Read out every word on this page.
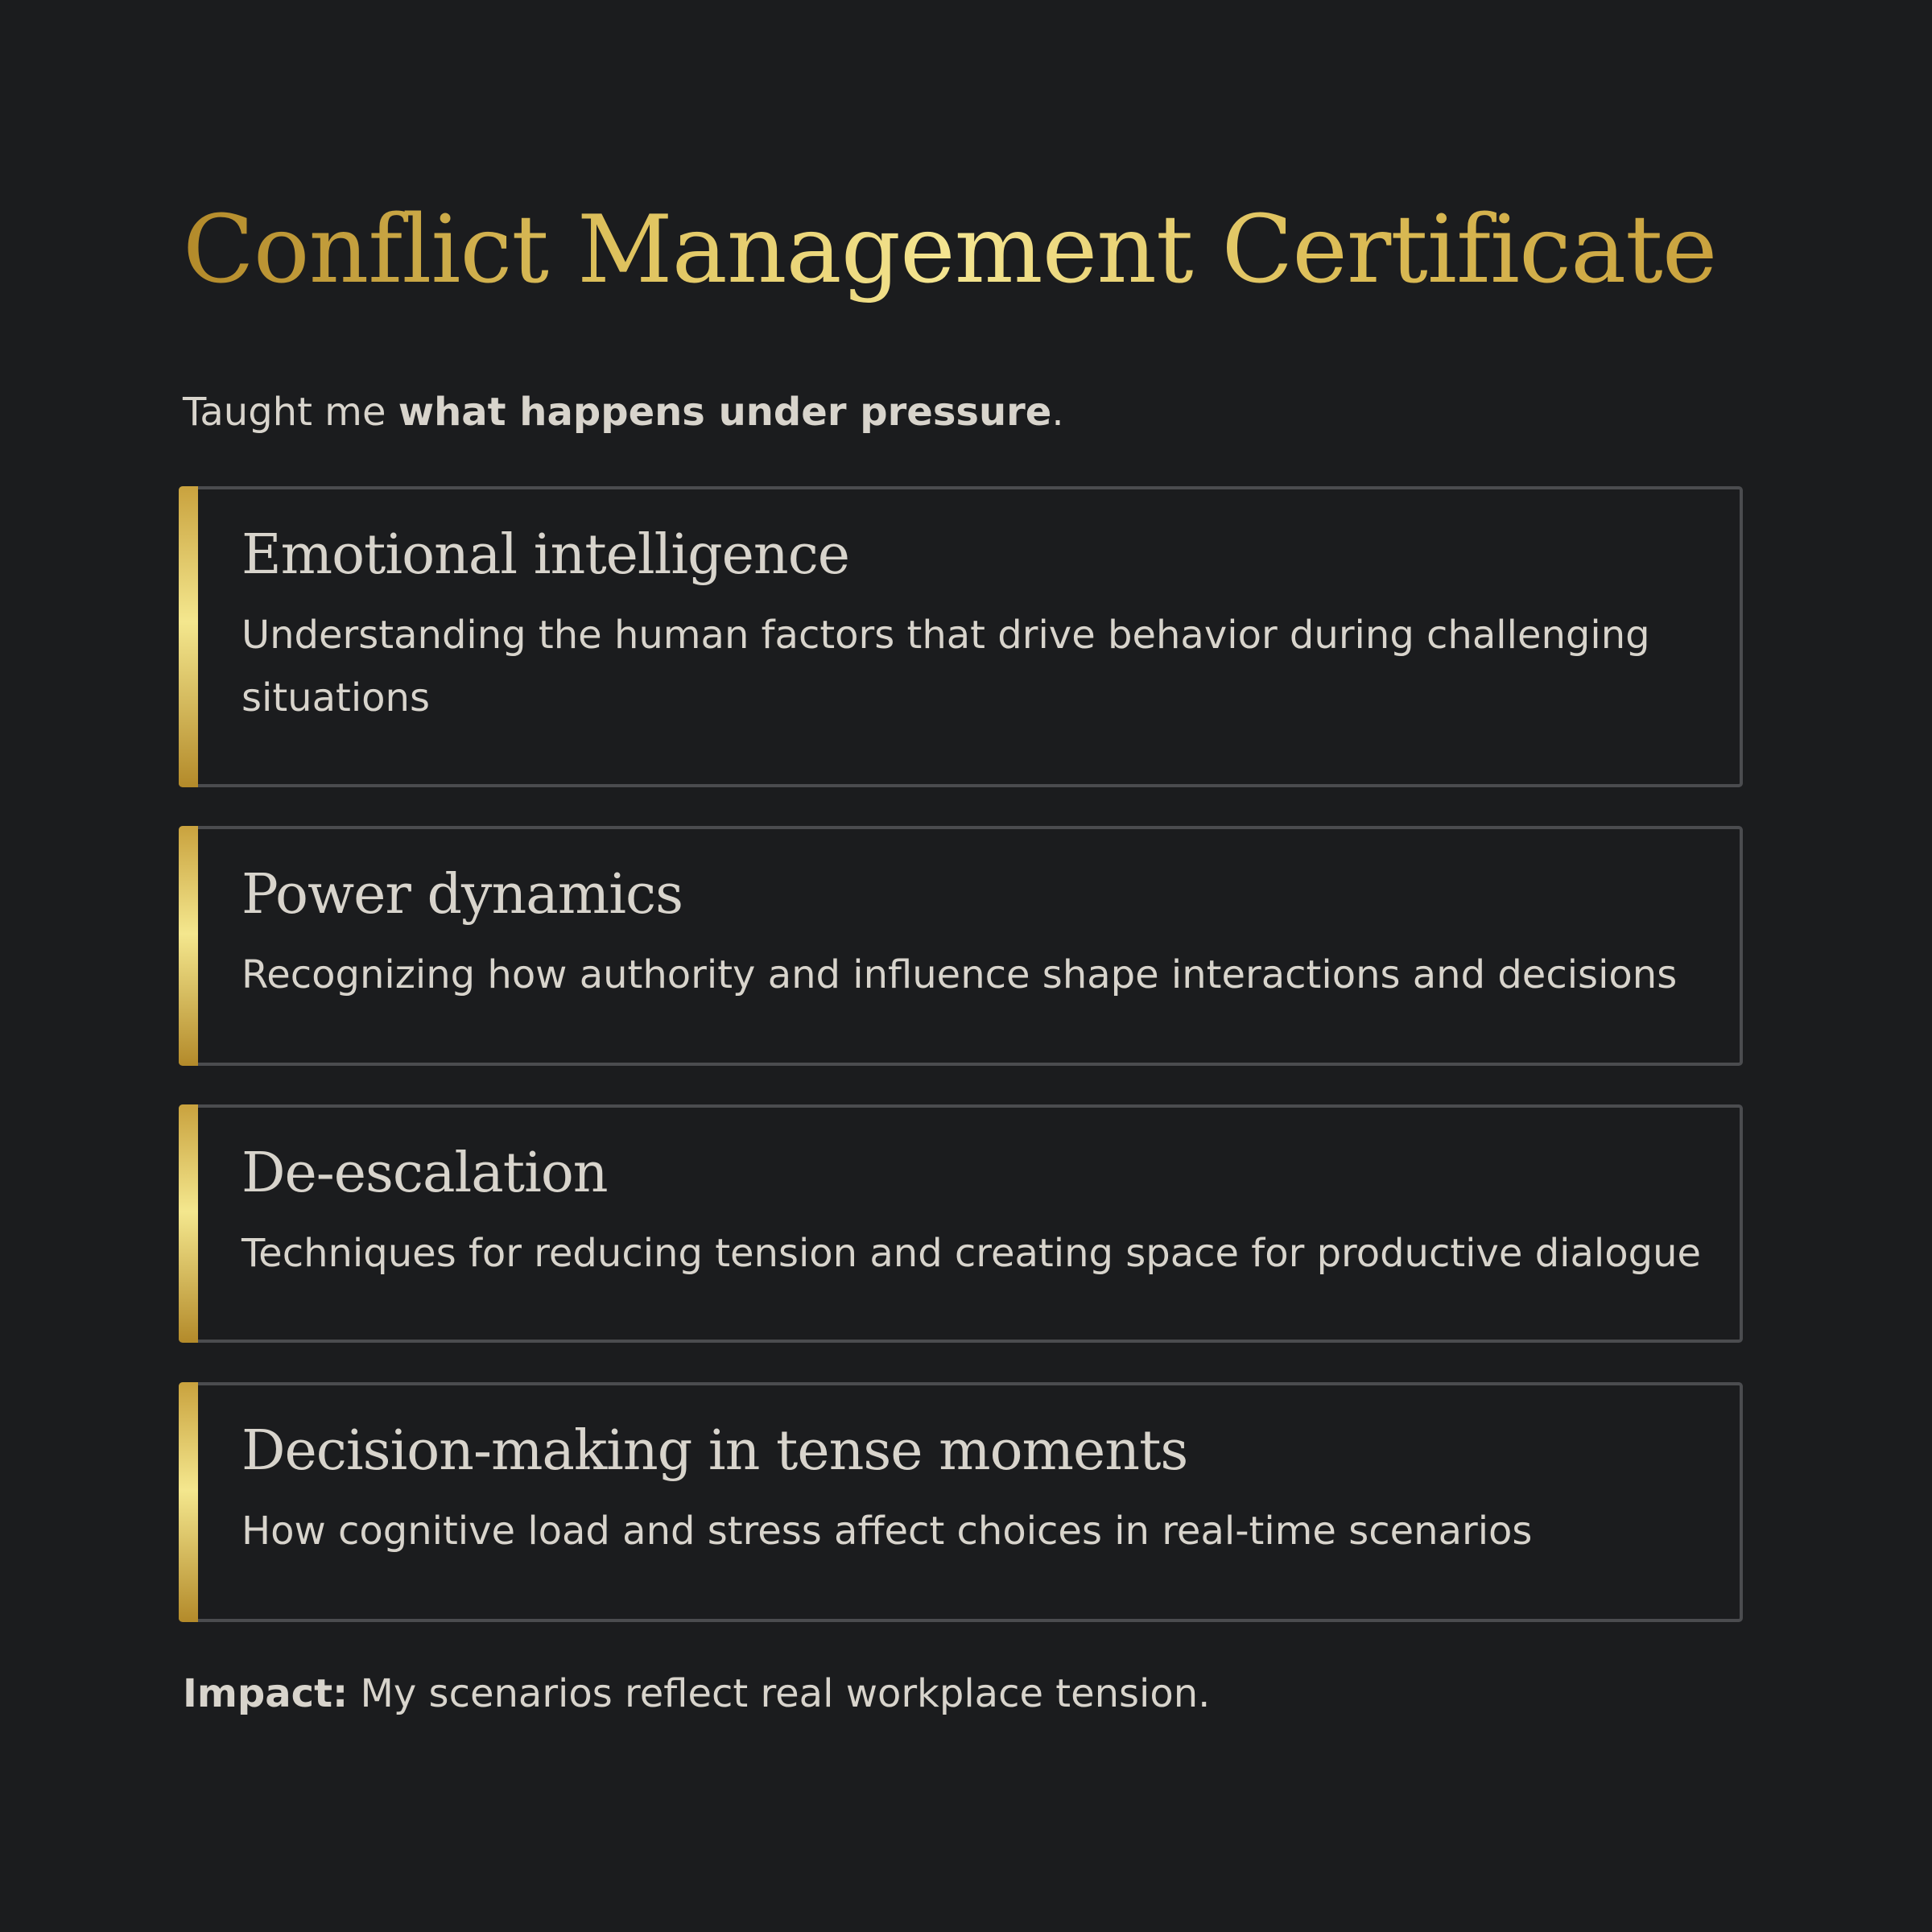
Conflict Management Certificate

Taught me what happens under pressure.

Emotional intelligence

Understanding the human factors that drive behavior during challenging situations

Power dynamics

Recognizing how authority and influence shape interactions and decisions

De-escalation

Techniques for reducing tension and creating space for productive dialogue

Decision-making in tense moments

How cognitive load and stress affect choices in real-time scenarios

Impact: My scenarios reflect real workplace tension.
